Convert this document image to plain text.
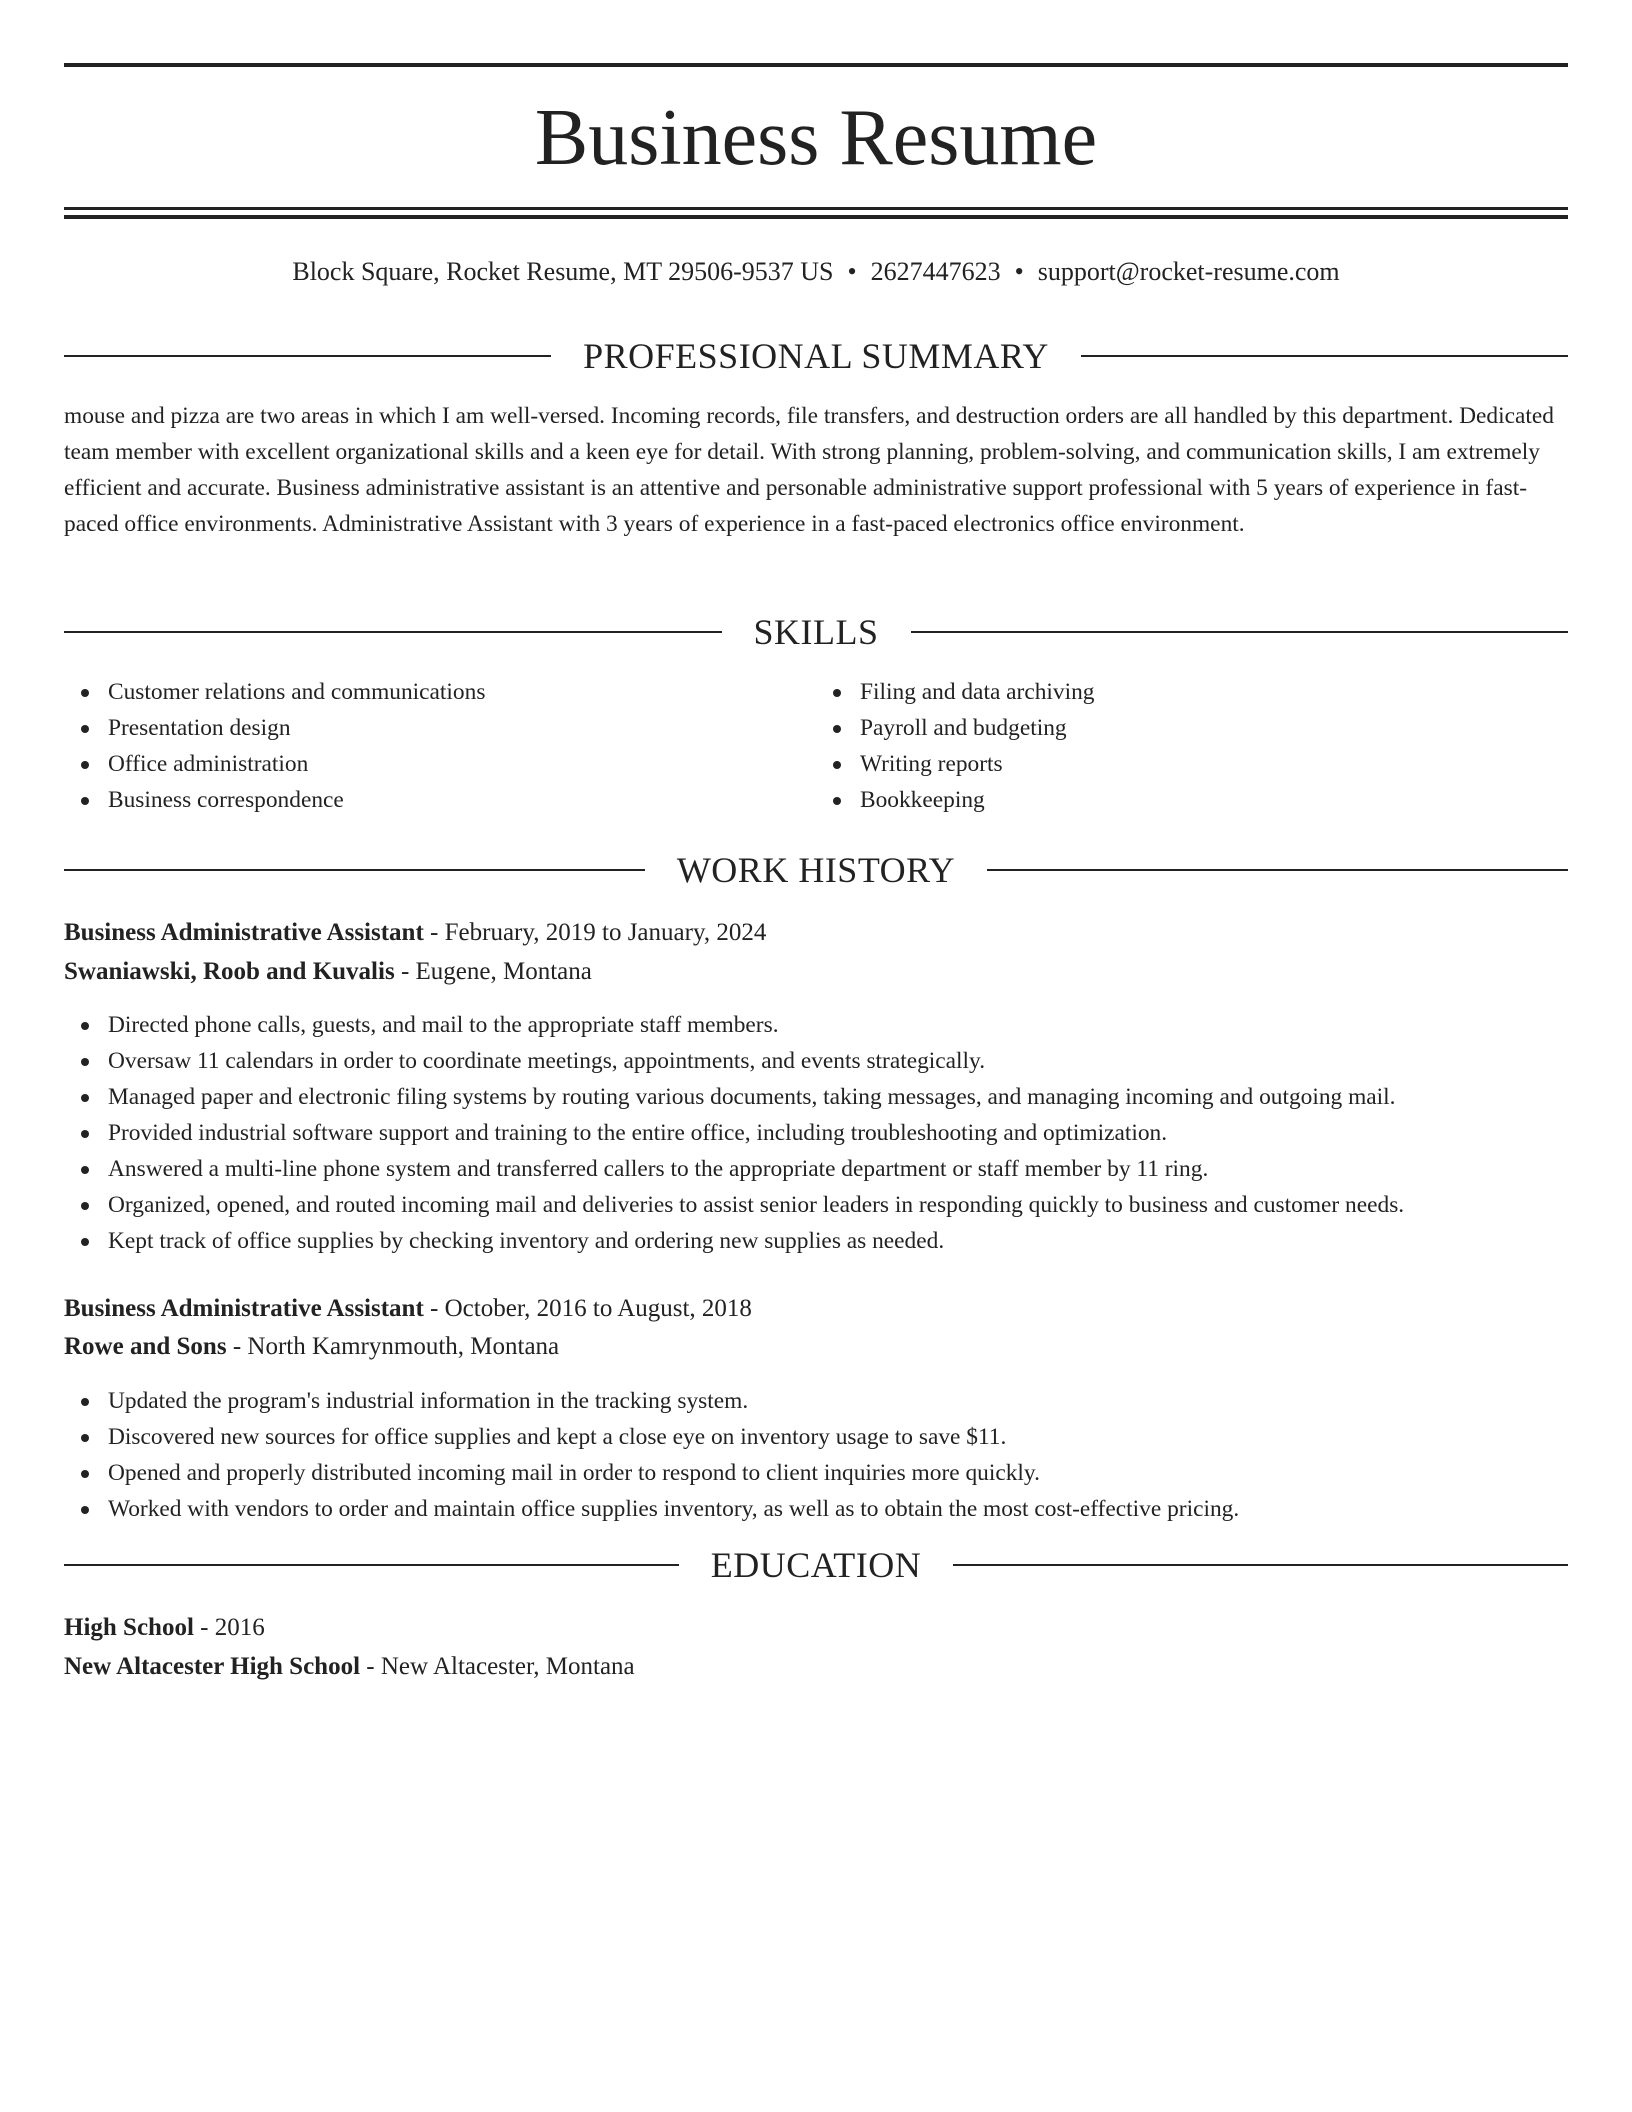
Business Resume
Block Square, Rocket Resume, MT 29506-9537 US • 2627447623 • support@rocket-resume.com
PROFESSIONAL SUMMARY

mouse and pizza are two areas in which I am well-versed. Incoming records, file transfers, and destruction orders are all handled by this department. Dedicated team member with excellent organizational skills and a keen eye for detail. With strong planning, problem-solving, and communication skills, I am extremely efficient and accurate. Business administrative assistant is an attentive and personable administrative support professional with 5 years of experience in fast-paced office environments. Administrative Assistant with 3 years of experience in a fast-paced electronics office environment.

SKILLS
Customer relations and communications
Presentation design
Office administration
Business correspondence
Filing and data archiving
Payroll and budgeting
Writing reports
Bookkeeping
WORK HISTORY
Business Administrative Assistant - February, 2019 to January, 2024
Swaniawski, Roob and Kuvalis - Eugene, Montana
Directed phone calls, guests, and mail to the appropriate staff members.
Oversaw 11 calendars in order to coordinate meetings, appointments, and events strategically.
Managed paper and electronic filing systems by routing various documents, taking messages, and managing incoming and outgoing mail.
Provided industrial software support and training to the entire office, including troubleshooting and optimization.
Answered a multi-line phone system and transferred callers to the appropriate department or staff member by 11 ring.
Organized, opened, and routed incoming mail and deliveries to assist senior leaders in responding quickly to business and customer needs.
Kept track of office supplies by checking inventory and ordering new supplies as needed.
Business Administrative Assistant - October, 2016 to August, 2018
Rowe and Sons - North Kamrynmouth, Montana
Updated the program's industrial information in the tracking system.
Discovered new sources for office supplies and kept a close eye on inventory usage to save $11.
Opened and properly distributed incoming mail in order to respond to client inquiries more quickly.
Worked with vendors to order and maintain office supplies inventory, as well as to obtain the most cost-effective pricing.
EDUCATION
High School - 2016
New Altacester High School - New Altacester, Montana
